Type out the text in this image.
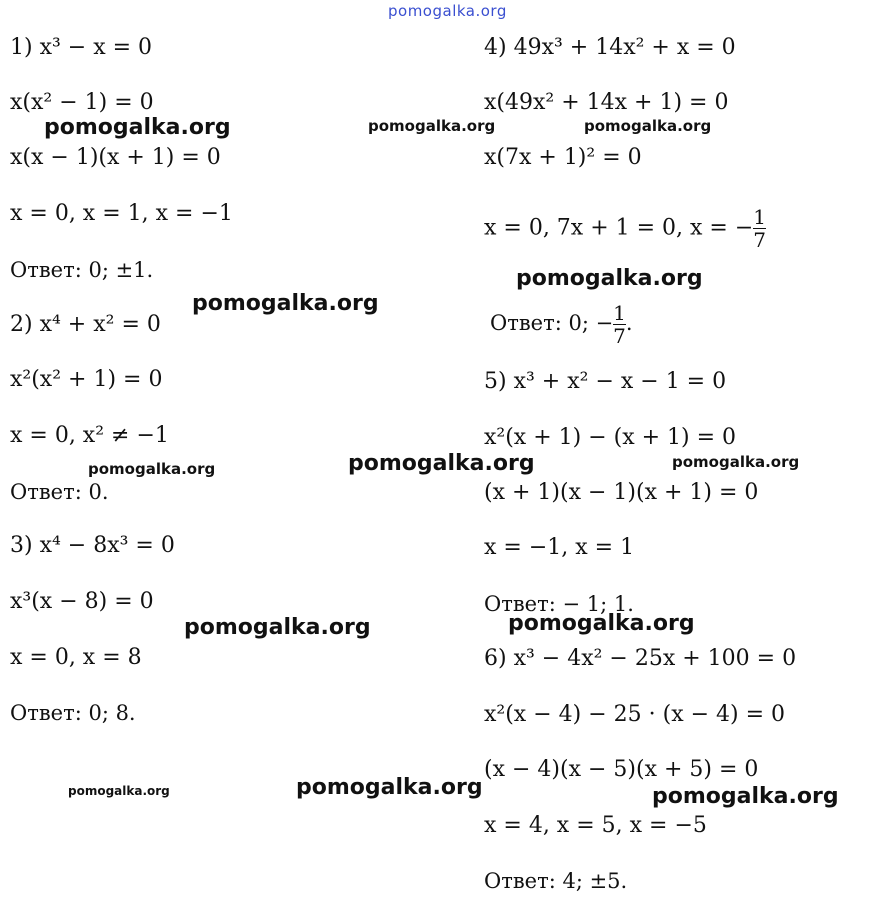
pomogalka.org
1) x³ − x = 0
x(x² − 1) = 0
x(x − 1)(x + 1) = 0
x = 0, x = 1, x = −1
Ответ: 0; ±1.
2) x⁴ + x² = 0
x²(x² + 1) = 0
x = 0, x² ≠ −1
Ответ: 0.
3) x⁴ − 8x³ = 0
x³(x − 8) = 0
x = 0, x = 8
Ответ: 0; 8.
4) 49x³ + 14x² + x = 0
x(49x² + 14x + 1) = 0
x(7x + 1)² = 0
x = 0, 7x + 1 = 0, x = − $\frac{1}{7}$
Ответ: 0; − $\frac{1}{7}$ .
5) x³ + x² − x − 1 = 0
x²(x + 1) − (x + 1) = 0
(x + 1)(x − 1)(x + 1) = 0
x = −1, x = 1
Ответ: − 1; 1.
6) x³ − 4x² − 25x + 100 = 0
x²(x − 4) − 25 · (x − 4) = 0
(x − 4)(x − 5)(x + 5) = 0
x = 4, x = 5, x = −5
Ответ: 4; ±5.
pomogalka.org	pomogalka.org	pomogalka.org
pomogalka.org
pomogalka.org
pomogalka.org	pomogalka.org	pomogalka.org
pomogalka.org
pomogalka.org
pomogalka.org	pomogalka.org	pomogalka.org
